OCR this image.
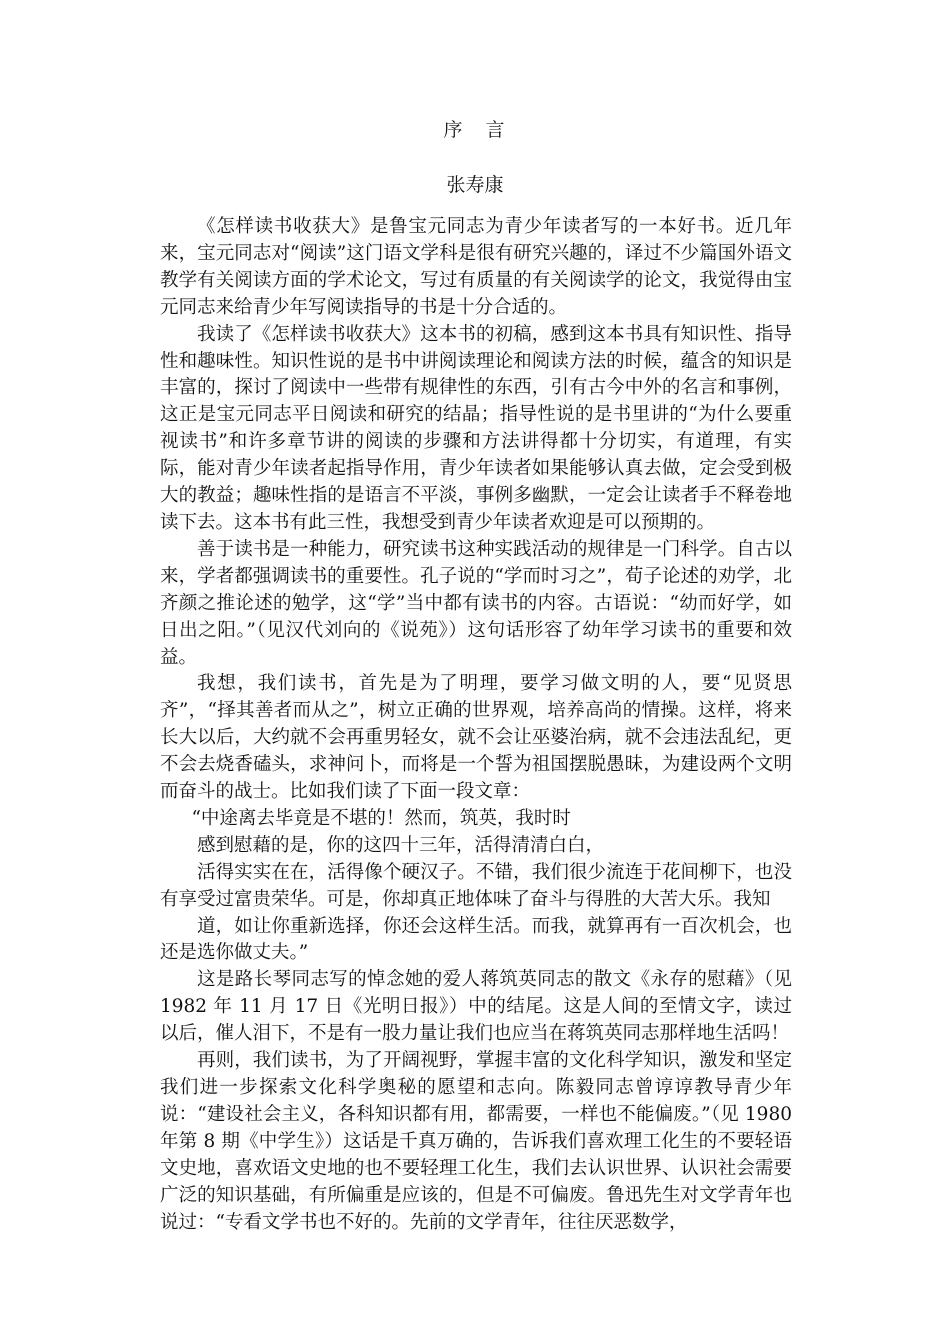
序　言
张寿康

《怎样读书收获大》是鲁宝元同志为青少年读者写的一本好书。近几年来，宝元同志对“阅读”这门语文学科是很有研究兴趣的，译过不少篇国外语文教学有关阅读方面的学术论文，写过有质量的有关阅读学的论文，我觉得由宝元同志来给青少年写阅读指导的书是十分合适的。

我读了《怎样读书收获大》这本书的初稿，感到这本书具有知识性、指导性和趣味性。知识性说的是书中讲阅读理论和阅读方法的时候，蕴含的知识是丰富的，探讨了阅读中一些带有规律性的东西，引有古今中外的名言和事例，这正是宝元同志平日阅读和研究的结晶；指导性说的是书里讲的“为什么要重视读书”和许多章节讲的阅读的步骤和方法讲得都十分切实，有道理，有实际，能对青少年读者起指导作用，青少年读者如果能够认真去做，定会受到极大的教益；趣味性指的是语言不平淡，事例多幽默，一定会让读者手不释卷地读下去。这本书有此三性，我想受到青少年读者欢迎是可以预期的。

善于读书是一种能力，研究读书这种实践活动的规律是一门科学。自古以来，学者都强调读书的重要性。孔子说的“学而时习之”，荀子论述的劝学，北齐颜之推论述的勉学，这“学”当中都有读书的内容。古语说：“幼而好学，如日出之阳。”（见汉代刘向的《说苑》）这句话形容了幼年学习读书的重要和效益。

我想，我们读书，首先是为了明理，要学习做文明的人，要“见贤思齐”，“择其善者而从之”，树立正确的世界观，培养高尚的情操。这样，将来长大以后，大约就不会再重男轻女，就不会让巫婆治病，就不会违法乱纪，更不会去烧香磕头，求神问卜，而将是一个誓为祖国摆脱愚昧，为建设两个文明而奋斗的战士。比如我们读了下面一段文章：

“中途离去毕竟是不堪的！然而，筑英，我时时

感到慰藉的是，你的这四十三年，活得清清白白，

活得实实在在，活得像个硬汉子。不错，我们很少流连于花间柳下，也没有享受过富贵荣华。可是，你却真正地体味了奋斗与得胜的大苦大乐。我知

道，如让你重新选择，你还会这样生活。而我，就算再有一百次机会，也还是选你做丈夫。”

这是路长琴同志写的悼念她的爱人蒋筑英同志的散文《永存的慰藉》（见 1982 年 11 月 17 日《光明日报》）中的结尾。这是人间的至情文字，读过以后，催人泪下，不是有一股力量让我们也应当在蒋筑英同志那样地生活吗！

再则，我们读书，为了开阔视野，掌握丰富的文化科学知识，激发和坚定我们进一步探索文化科学奥秘的愿望和志向。陈毅同志曾谆谆教导青少年说：“建设社会主义，各科知识都有用，都需要，一样也不能偏废。”（见 1980 年第 8 期《中学生》）这话是千真万确的，告诉我们喜欢理工化生的不要轻语文史地，喜欢语文史地的也不要轻理工化生，我们去认识世界、认识社会需要广泛的知识基础，有所偏重是应该的，但是不可偏废。鲁迅先生对文学青年也说过：“专看文学书也不好的。先前的文学青年，往往厌恶数学，
